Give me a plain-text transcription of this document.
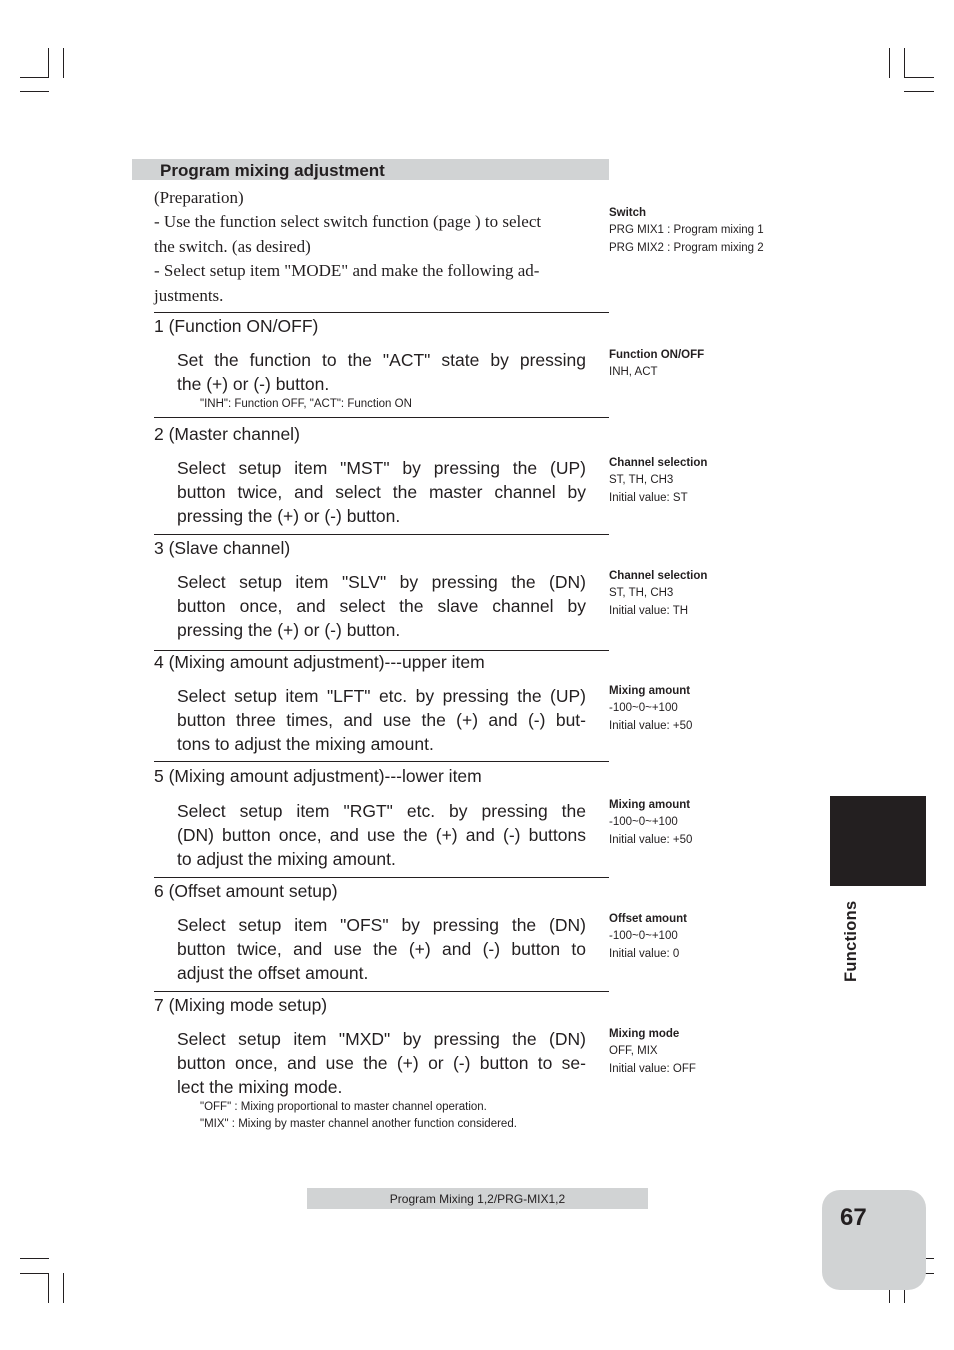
Program mixing adjustment
(Preparation)
- Use the function select switch function (page ) to select
the switch. (as desired)
- Select setup item "MODE" and make the following ad-
justments.
1 (Function ON/OFF)
Set the function to the "ACT" state by pressing
the (+) or (-) button.
"INH": Function OFF, "ACT": Function ON
2 (Master channel)
Select setup item "MST" by pressing the (UP)
button twice, and select the master channel by
pressing the (+) or (-) button.
3 (Slave channel)
Select setup item "SLV" by pressing the (DN)
button once, and select the slave channel by
pressing the (+) or (-) button.
4 (Mixing amount adjustment)---upper item
Select setup item "LFT" etc. by pressing the (UP)
button three times, and use the (+) and (-) but-
tons to adjust the mixing amount.
5 (Mixing amount adjustment)---lower item
Select setup item "RGT" etc. by pressing the
(DN) button once, and use the (+) and (-) buttons
to adjust the mixing amount.
6 (Offset amount setup)
Select setup item "OFS" by pressing the (DN)
button twice, and use the (+) and (-) button to
adjust the offset amount.
7 (Mixing mode setup)
Select setup item "MXD" by pressing the (DN)
button once, and use the (+) or (-) button to se-
lect the mixing mode.
"OFF" : Mixing proportional to master channel operation.
"MIX" : Mixing by master channel another function considered.
Switch
PRG MIX1 : Program mixing 1
PRG MIX2 : Program mixing 2
Function ON/OFF
INH, ACT
Channel selection
ST, TH, CH3
Initial value: ST
Channel selection
ST, TH, CH3
Initial value: TH
Mixing amount
-100~0~+100
Initial value: +50
Mixing amount
-100~0~+100
Initial value: +50
Offset amount
-100~0~+100
Initial value: 0
Mixing mode
OFF, MIX
Initial value: OFF
Functions
Program Mixing 1,2/PRG-MIX1,2
67
